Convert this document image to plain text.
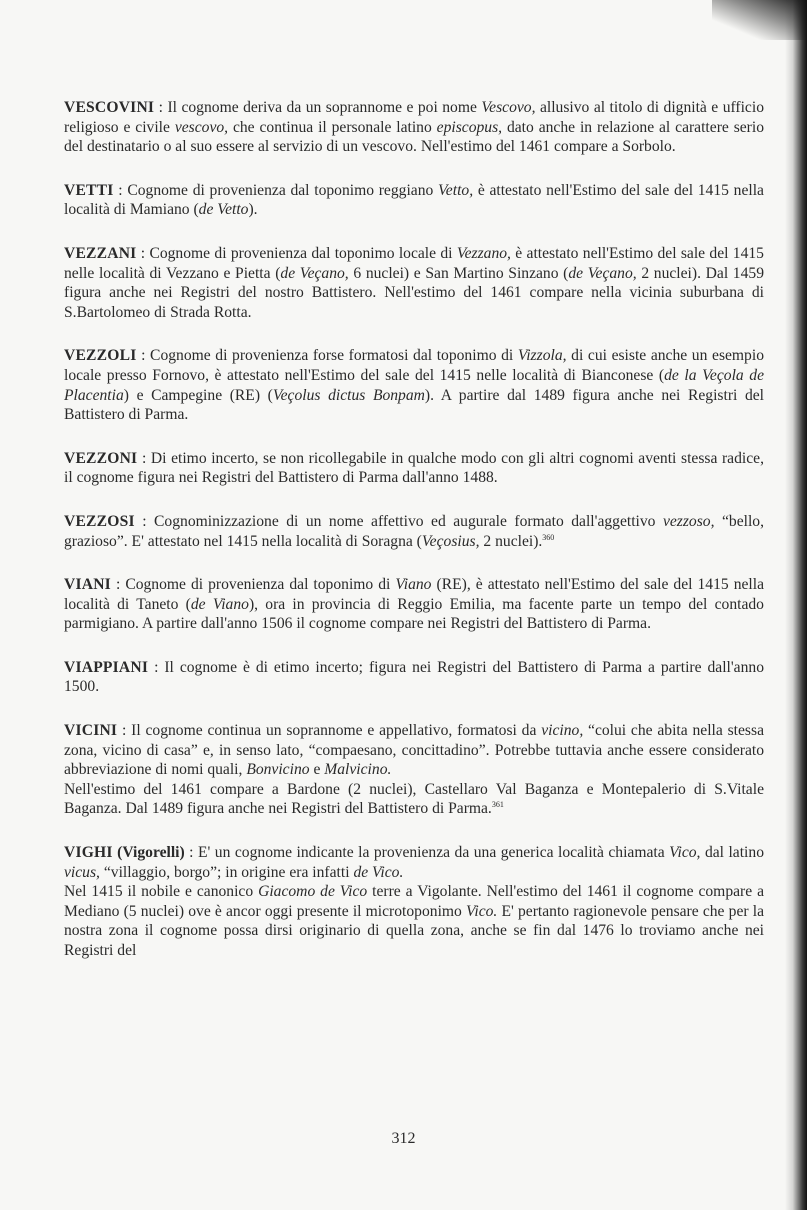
VESCOVINI : Il cognome deriva da un soprannome e poi nome Vescovo, allusivo al titolo di dignità e ufficio religioso e civile vescovo, che continua il personale latino episcopus, dato anche in relazione al carattere serio del destinatario o al suo essere al servizio di un vescovo. Nell'estimo del 1461 compare a Sorbolo.

VETTI : Cognome di provenienza dal toponimo reggiano Vetto, è attestato nell'Estimo del sale del 1415 nella località di Mamiano (de Vetto).

VEZZANI : Cognome di provenienza dal toponimo locale di Vezzano, è attestato nell'Estimo del sale del 1415 nelle località di Vezzano e Pietta (de Veçano, 6 nuclei) e San Martino Sinzano (de Veçano, 2 nuclei). Dal 1459 figura anche nei Registri del nostro Battistero. Nell'estimo del 1461 compare nella vicinia suburbana di S.Bartolomeo di Strada Rotta.

VEZZOLI : Cognome di provenienza forse formatosi dal toponimo di Vizzola, di cui esiste anche un esempio locale presso Fornovo, è attestato nell'Estimo del sale del 1415 nelle località di Bianconese (de la Veçola de Placentia) e Campegine (RE) (Veçolus dictus Bonpam). A partire dal 1489 figura anche nei Registri del Battistero di Parma.

VEZZONI : Di etimo incerto, se non ricollegabile in qualche modo con gli altri cognomi aventi stessa radice, il cognome figura nei Registri del Battistero di Parma dall'anno 1488.

VEZZOSI : Cognominizzazione di un nome affettivo ed augurale formato dall'aggettivo vezzoso, “bello, grazioso”. E' attestato nel 1415 nella località di Soragna (Veçosius, 2 nuclei).$^{360}$

VIANI : Cognome di provenienza dal toponimo di Viano (RE), è attestato nell'Estimo del sale del 1415 nella località di Taneto (de Viano), ora in provincia di Reggio Emilia, ma facente parte un tempo del contado parmigiano. A partire dall'anno 1506 il cognome compare nei Registri del Battistero di Parma.

VIAPPIANI : Il cognome è di etimo incerto; figura nei Registri del Battistero di Parma a partire dall'anno 1500.

VICINI : Il cognome continua un soprannome e appellativo, formatosi da vicino, “colui che abita nella stessa zona, vicino di casa” e, in senso lato, “compaesano, concittadino”. Potrebbe tuttavia anche essere considerato abbreviazione di nomi quali, Bonvicino e Malvicino.

Nell'estimo del 1461 compare a Bardone (2 nuclei), Castellaro Val Baganza e Montepalerio di S.Vitale Baganza. Dal 1489 figura anche nei Registri del Battistero di Parma.$^{361}$

VIGHI (Vigorelli) : E' un cognome indicante la provenienza da una generica località chiamata Vico, dal latino vicus, “villaggio, borgo”; in origine era infatti de Vico.

Nel 1415 il nobile e canonico Giacomo de Vico terre a Vigolante. Nell'estimo del 1461 il cognome compare a Mediano (5 nuclei) ove è ancor oggi presente il microtoponimo Vico. E' pertanto ragionevole pensare che per la nostra zona il cognome possa dirsi originario di quella zona, anche se fin dal 1476 lo troviamo anche nei Registri del

312
